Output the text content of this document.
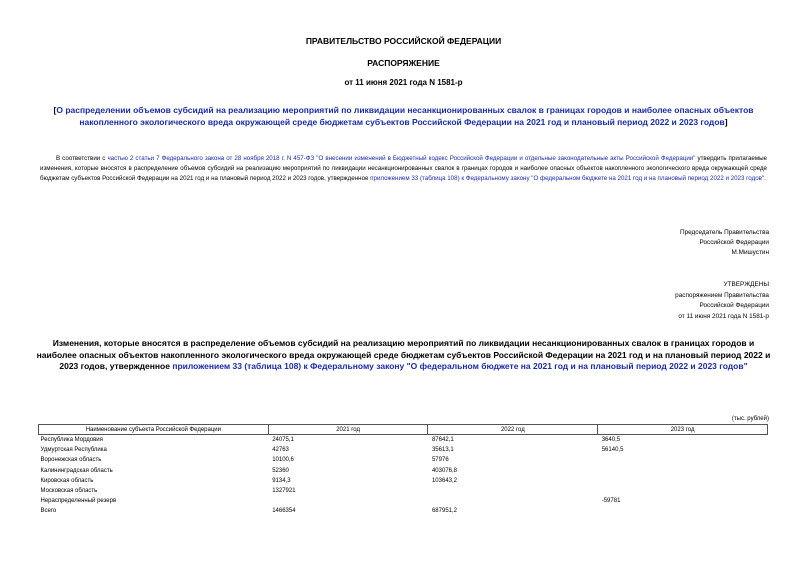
ПРАВИТЕЛЬСТВО РОССИЙСКОЙ ФЕДЕРАЦИИ
РАСПОРЯЖЕНИЕ
от 11 июня 2021 года N 1581-р
[О распределении объемов субсидий на реализацию мероприятий по ликвидации несанкционированных свалок в границах городов и наиболее опасных объектов накопленного экологического вреда окружающей среде бюджетам субъектов Российской Федерации на 2021 год и плановый период 2022 и 2023 годов]
В соответствии с частью 2 статьи 7 Федерального закона от 28 ноября 2018 г. N 457-ФЗ "О внесении изменений в Бюджетный кодекс Российской Федерации и отдельные законодательные акты Российской Федерации" утвердить прилагаемые изменения, которые вносятся в распределение объемов субсидий на реализацию мероприятий по ликвидации несанкционированных свалок в границах городов и наиболее опасных объектов накопленного экологического вреда окружающей среде бюджетам субъектов Российской Федерации на 2021 год и на плановый период 2022 и 2023 годов, утвержденное приложением 33 (таблица 108) к Федеральному закону "О федеральном бюджете на 2021 год и на плановый период 2022 и 2023 годов".
Председатель Правительства
Российской Федерации
М.Мишустин
УТВЕРЖДЕНЫ
распоряжением Правительства
Российской Федерации
от 11 июня 2021 года N 1581-р
Изменения, которые вносятся в распределение объемов субсидий на реализацию мероприятий по ликвидации несанкционированных свалок в границах городов и наиболее опасных объектов накопленного экологического вреда окружающей среде бюджетам субъектов Российской Федерации на 2021 год и на плановый период 2022 и 2023 годов, утвержденное приложением 33 (таблица 108) к Федеральному закону "О федеральном бюджете на 2021 год и на плановый период 2022 и 2023 годов"
(тыс. рублей)
Наименование субъекта Российской Федерации	2021 год	2022 год	2023 год
Республика Мордовия	24075,1	87642,1	3640,5
Удмуртская Республика	42763	35613,1	56140,5
Воронежская область	10100,6	57976	
Калининградская область	52360	403076,8	
Кировская область	9134,3	103643,2	
Московская область	1327921		
Нераспределенный резерв			-59781
Всего	1466354	687951,2	
